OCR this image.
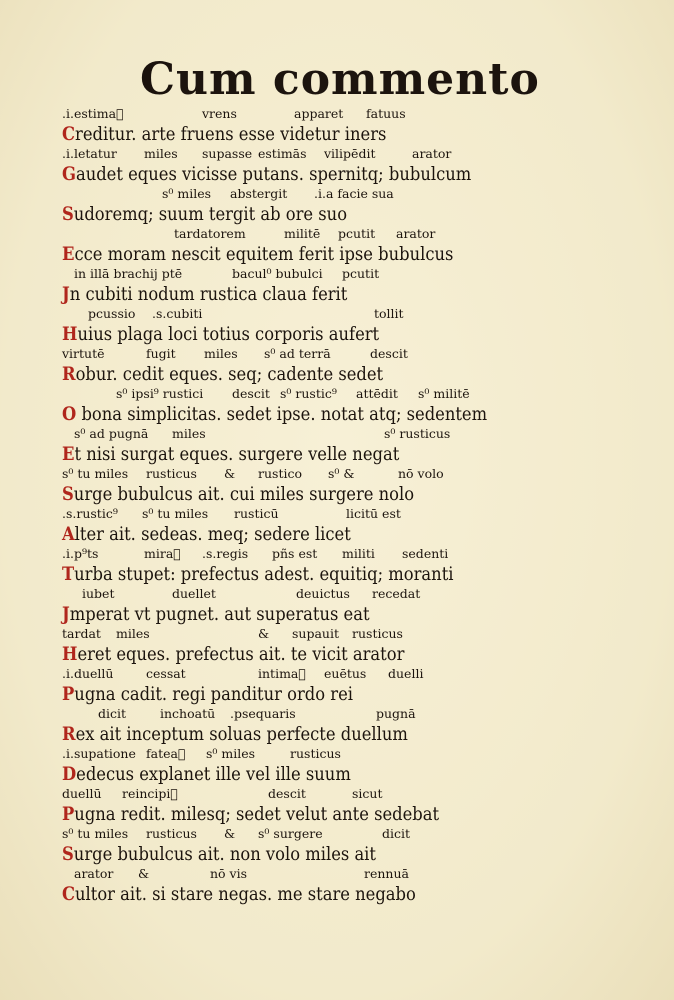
Cum commento
.i.estimaᷓ	vrens	apparet fatuus
Creditur. arte fruens esse videtur iners
.i.letatur miles supasse estimās vilipēdit	arator
Gaudet eques vicisse putans. spernitq; bubulcum
s⁰ miles abstergit .i.a facie sua
Sudoremq; suum tergit ab ore suo
tardatorem	militē pcutit arator
Ecce moram nescit equitem ferit ipse bubulcus
in illā brachij ptē	bacul⁰ bubulci pcutit
Jn cubiti nodum rustica claua ferit
pcussio .s.cubiti	tollit
Huius plaga loci totius corporis aufert
virtutē	fugit miles s⁰ ad terrā	descit
Robur. cedit eques. seq; cadente sedet
s⁰ ipsi⁹ rustici descit s⁰ rustic⁹ attēdit s⁰ militē
O bona simplicitas. sedet ipse. notat atq; sedentem
s⁰ ad pugnā miles	s⁰ rusticus
Et nisi surgat eques. surgere velle negat
s⁰ tu miles rusticus & rustico s⁰ &	nō volo
Surge bubulcus ait. cui miles surgere nolo
.s.rustic⁹ s⁰ tu miles rusticū	licitū est
Alter ait. sedeas. meq; sedere licet
.i.p⁹ts	miraᷓ .s.regis pñs est militi sedenti
Turba stupet: prefectus adest. equitiq; moranti
iubet	duellet	deuictus recedat
Jmperat vt pugnet. aut superatus eat
tardat miles	& supauit rusticus
Heret eques. prefectus ait. te vicit arator
.i.duellū	cessat	intimaᷓ euētus duelli
Pugna cadit. regi panditur ordo rei
dicit	inchoatū .psequaris	pugnā
Rex ait inceptum soluas perfecte duellum
.i.supatione fateaᷓ s⁰ miles	rusticus
Dedecus explanet ille vel ille suum
duellū reincipiᷓ	descit	sicut
Pugna redit. milesq; sedet velut ante sedebat
s⁰ tu miles rusticus & s⁰ surgere	dicit
Surge bubulcus ait. non volo miles ait
arator &	nō vis	rennuā
Cultor ait. si stare negas. me stare negabo
